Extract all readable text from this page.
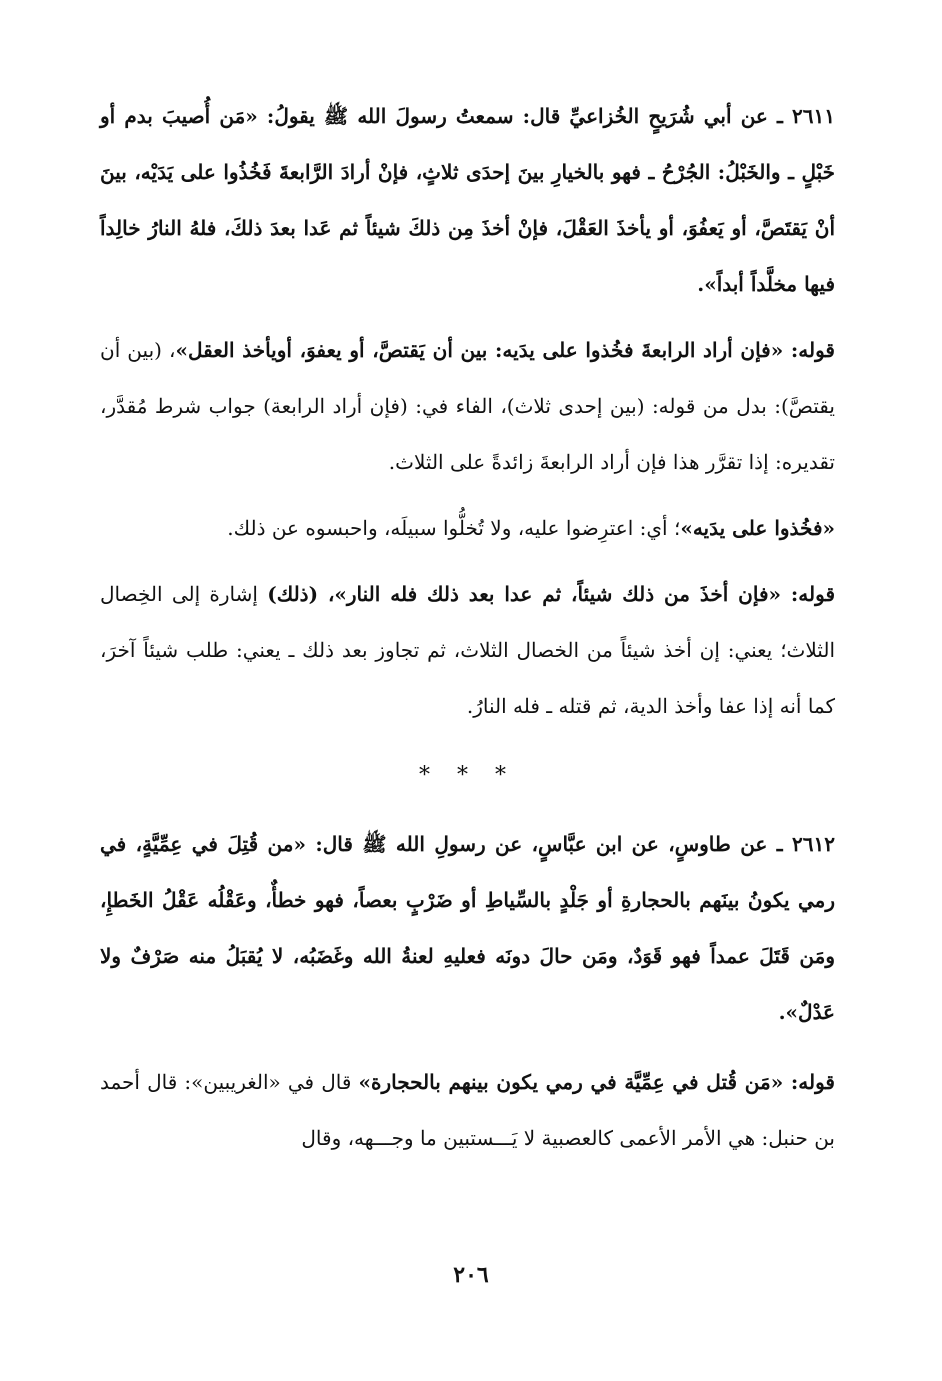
٢٦١١ ـ عن أبي شُرَيحٍ الخُزاعيِّ قال: سمعتُ رسولَ الله ﷺ يقولُ: «مَن أُصيبَ بدم أو خَبْلٍ ـ والخَبْلُ: الجُرْحُ ـ فهو بالخيارِ بينَ إحدَى ثلاثٍ، فإنْ أرادَ الرَّابعةَ فَخُذُوا على يَدَيْه، بينَ أنْ يَقتَصَّ، أو يَعفُوَ، أو يأخذَ العَقْلَ، فإنْ أخذَ مِن ذلكَ شيئاً ثم عَدا بعدَ ذلكَ، فلهُ النارُ خالِداً فيها مخلَّداً أبداً».

قوله: «فإن أراد الرابعةَ فخُذوا على يدَيه: بين أن يَقتصَّ، أو يعفوَ، أويأخذ العقل»، (بين أن يقتصَّ): بدل من قوله: (بين إحدى ثلاث)، الفاء في: (فإن أراد الرابعة) جواب شرط مُقدَّر، تقديره: إذا تقرَّر هذا فإن أراد الرابعةَ زائدةً على الثلاث.

«فخُذوا على يدَيه»؛ أي: اعترِضوا عليه، ولا تُخلُّوا سبيلَه، واحبسوه عن ذلك.

قوله: «فإن أخذَ من ذلك شيئاً، ثم عدا بعد ذلك فله النار»، (ذلك) إشارة إلى الخِصال الثلاث؛ يعني: إن أخذ شيئاً من الخصال الثلاث، ثم تجاوز بعد ذلك ـ يعني: طلب شيئاً آخرَ، كما أنه إذا عفا وأخذ الدية، ثم قتله ـ فله النارُ.

* * *

٢٦١٢ ـ عن طاوسٍ، عن ابن عبَّاسٍ، عن رسولِ الله ﷺ قال: «من قُتِلَ في عِمِّيَّةٍ، في رمي يكونُ بينَهم بالحجارةِ أو جَلْدٍ بالسِّياطِ أو ضَرْبٍ بعصاً، فهو خطأٌ، وعَقْلُه عَقْلُ الخَطإِ، ومَن قَتَلَ عمداً فهو قَوَدٌ، ومَن حالَ دونَه فعليهِ لعنةُ الله وغَضَبُه، لا يُقبَلُ منه صَرْفٌ ولا عَدْلٌ».

قوله: «مَن قُتل في عِمِّيَّة في رمي يكون بينهم بالحجارة» قال في «الغريبين»: قال أحمد بن حنبل: هي الأمر الأعمى كالعصبية لا يَـــستبين ما وجـــهه، وقال

٢٠٦
